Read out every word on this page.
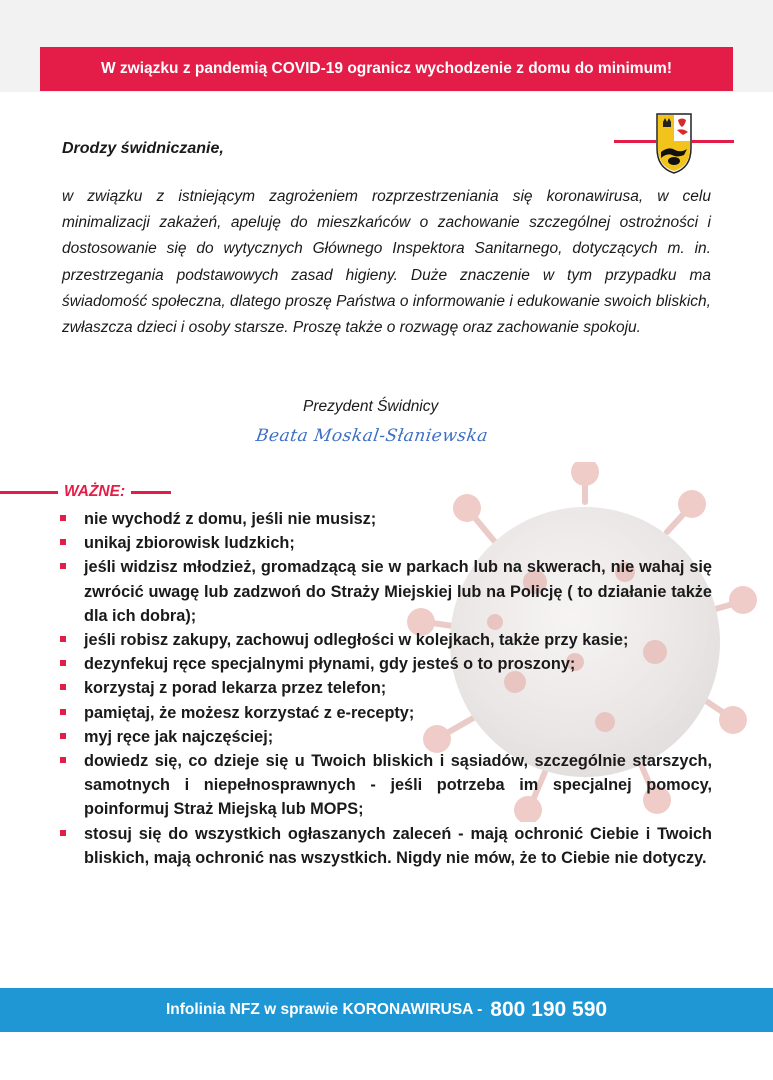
W związku z pandemią COVID-19 ogranicz wychodzenie z domu do minimum!
Drodzy świdniczanie,

w związku z istniejącym zagrożeniem rozprzestrzeniania się koronawirusa, w celu minimalizacji zakażeń, apeluję do mieszkańców o zachowanie szczególnej ostrożności i dostosowanie się do wytycznych Głównego Inspektora Sanitarnego, dotyczących m. in. przestrzegania podstawowych zasad higieny. Duże znaczenie w tym przypadku ma świadomość społeczna, dlatego proszę Państwa o informowanie i edukowanie swoich bliskich, zwłaszcza dzieci i osoby starsze. Proszę także o rozwagę oraz zachowanie spokoju.

Prezydent Świdnicy
Beata Moskal-Słaniewska
WAŻNE:
nie wychodź z domu, jeśli nie musisz;
unikaj zbiorowisk ludzkich;
jeśli widzisz młodzież, gromadzącą sie w parkach lub na skwerach, nie wahaj się zwrócić uwagę lub zadzwoń do Straży Miejskiej lub na Policję ( to działanie także dla ich dobra);
jeśli robisz zakupy, zachowuj odległości w kolejkach, także przy kasie;
dezynfekuj ręce specjalnymi płynami, gdy jesteś o to proszony;
korzystaj z porad lekarza przez telefon;
pamiętaj, że możesz korzystać z e-recepty;
myj ręce jak najczęściej;
dowiedz się, co dzieje się u Twoich bliskich i sąsiadów, szczególnie starszych, samotnych i niepełnosprawnych - jeśli potrzeba im specjalnej pomocy, poinformuj Straż Miejską lub MOPS;
stosuj się do wszystkich ogłaszanych zaleceń - mają ochronić Ciebie i Twoich bliskich, mają ochronić nas wszystkich. Nigdy nie mów, że to Ciebie nie dotyczy.
Infolinia NFZ w sprawie KORONAWIRUSA - 800 190 590
